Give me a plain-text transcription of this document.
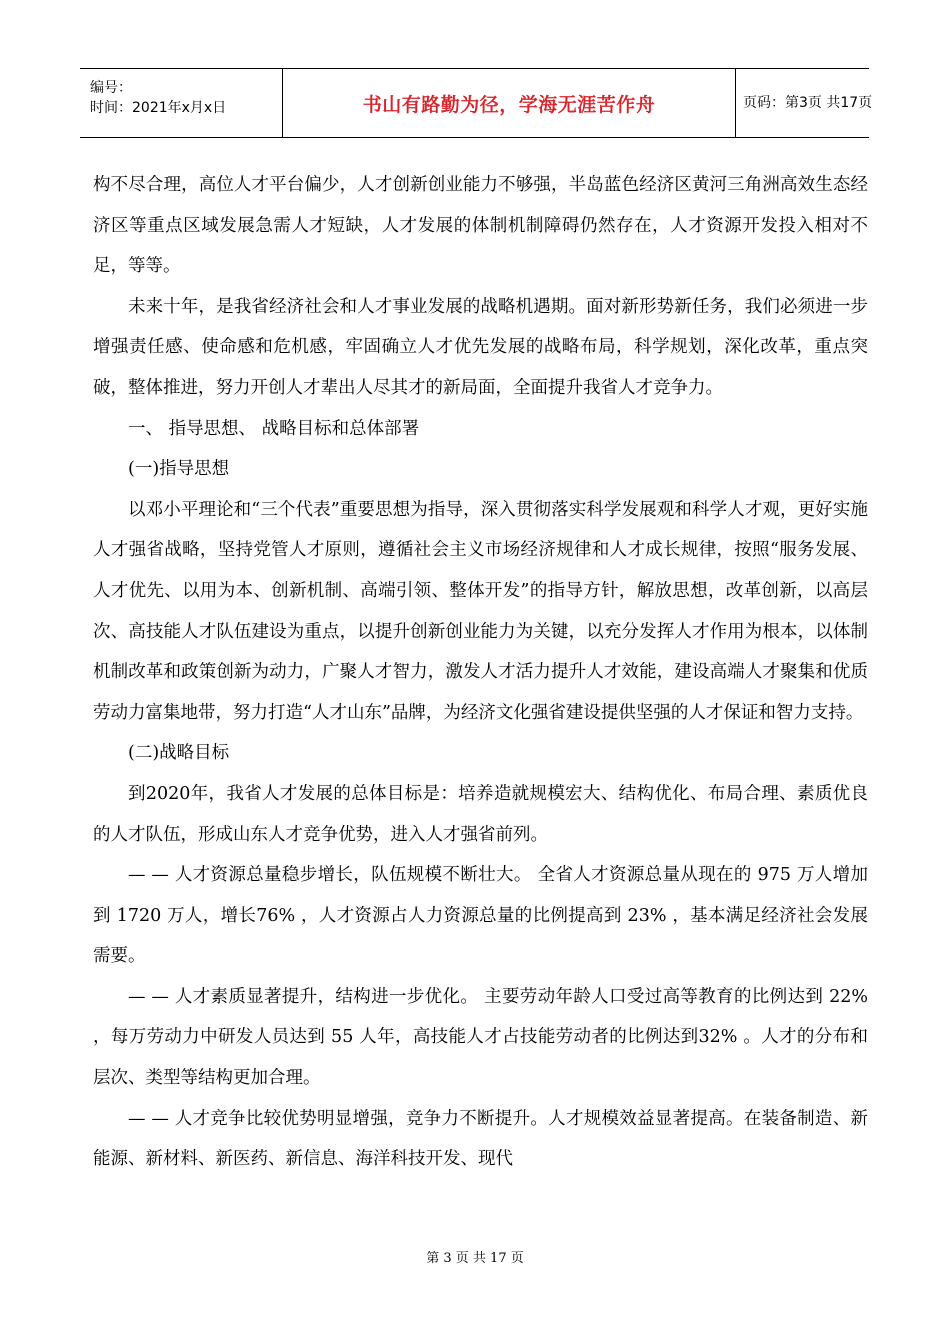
编号：
时间：2021年x月x日	书山有路勤为径，学海无涯苦作舟	页码：第3页 共17页

构不尽合理，高位人才平台偏少，人才创新创业能力不够强，半岛蓝色经济区黄河三角洲高效生态经济区等重点区域发展急需人才短缺，人才发展的体制机制障碍仍然存在，人才资源开发投入相对不足，等等。

未来十年，是我省经济社会和人才事业发展的战略机遇期。面对新形势新任务，我们必须进一步增强责任感、使命感和危机感，牢固确立人才优先发展的战略布局，科学规划，深化改革，重点突破，整体推进，努力开创人才辈出人尽其才的新局面，全面提升我省人才竞争力。

一、 指导思想、 战略目标和总体部署

(一)指导思想

以邓小平理论和“三个代表”重要思想为指导，深入贯彻落实科学发展观和科学人才观，更好实施人才强省战略，坚持党管人才原则，遵循社会主义市场经济规律和人才成长规律，按照“服务发展、人才优先、以用为本、创新机制、高端引领、整体开发”的指导方针，解放思想，改革创新，以高层次、高技能人才队伍建设为重点，以提升创新创业能力为关键，以充分发挥人才作用为根本，以体制机制改革和政策创新为动力，广聚人才智力，激发人才活力提升人才效能，建设高端人才聚集和优质劳动力富集地带，努力打造“人才山东”品牌，为经济文化强省建设提供坚强的人才保证和智力支持。

(二)战略目标

到2020年，我省人才发展的总体目标是：培养造就规模宏大、结构优化、布局合理、素质优良的人才队伍，形成山东人才竞争优势，进入人才强省前列。

— — 人才资源总量稳步增长，队伍规模不断壮大。 全省人才资源总量从现在的 975 万人增加到 1720 万人，增长76% ，人才资源占人力资源总量的比例提高到 23% ，基本满足经济社会发展需要。

— — 人才素质显著提升，结构进一步优化。 主要劳动年龄人口受过高等教育的比例达到 22% ，每万劳动力中研发人员达到 55 人年，高技能人才占技能劳动者的比例达到32% 。人才的分布和层次、类型等结构更加合理。

— — 人才竞争比较优势明显增强，竞争力不断提升。人才规模效益显著提高。在装备制造、新能源、新材料、新医药、新信息、海洋科技开发、现代

第 3 页 共 17 页
